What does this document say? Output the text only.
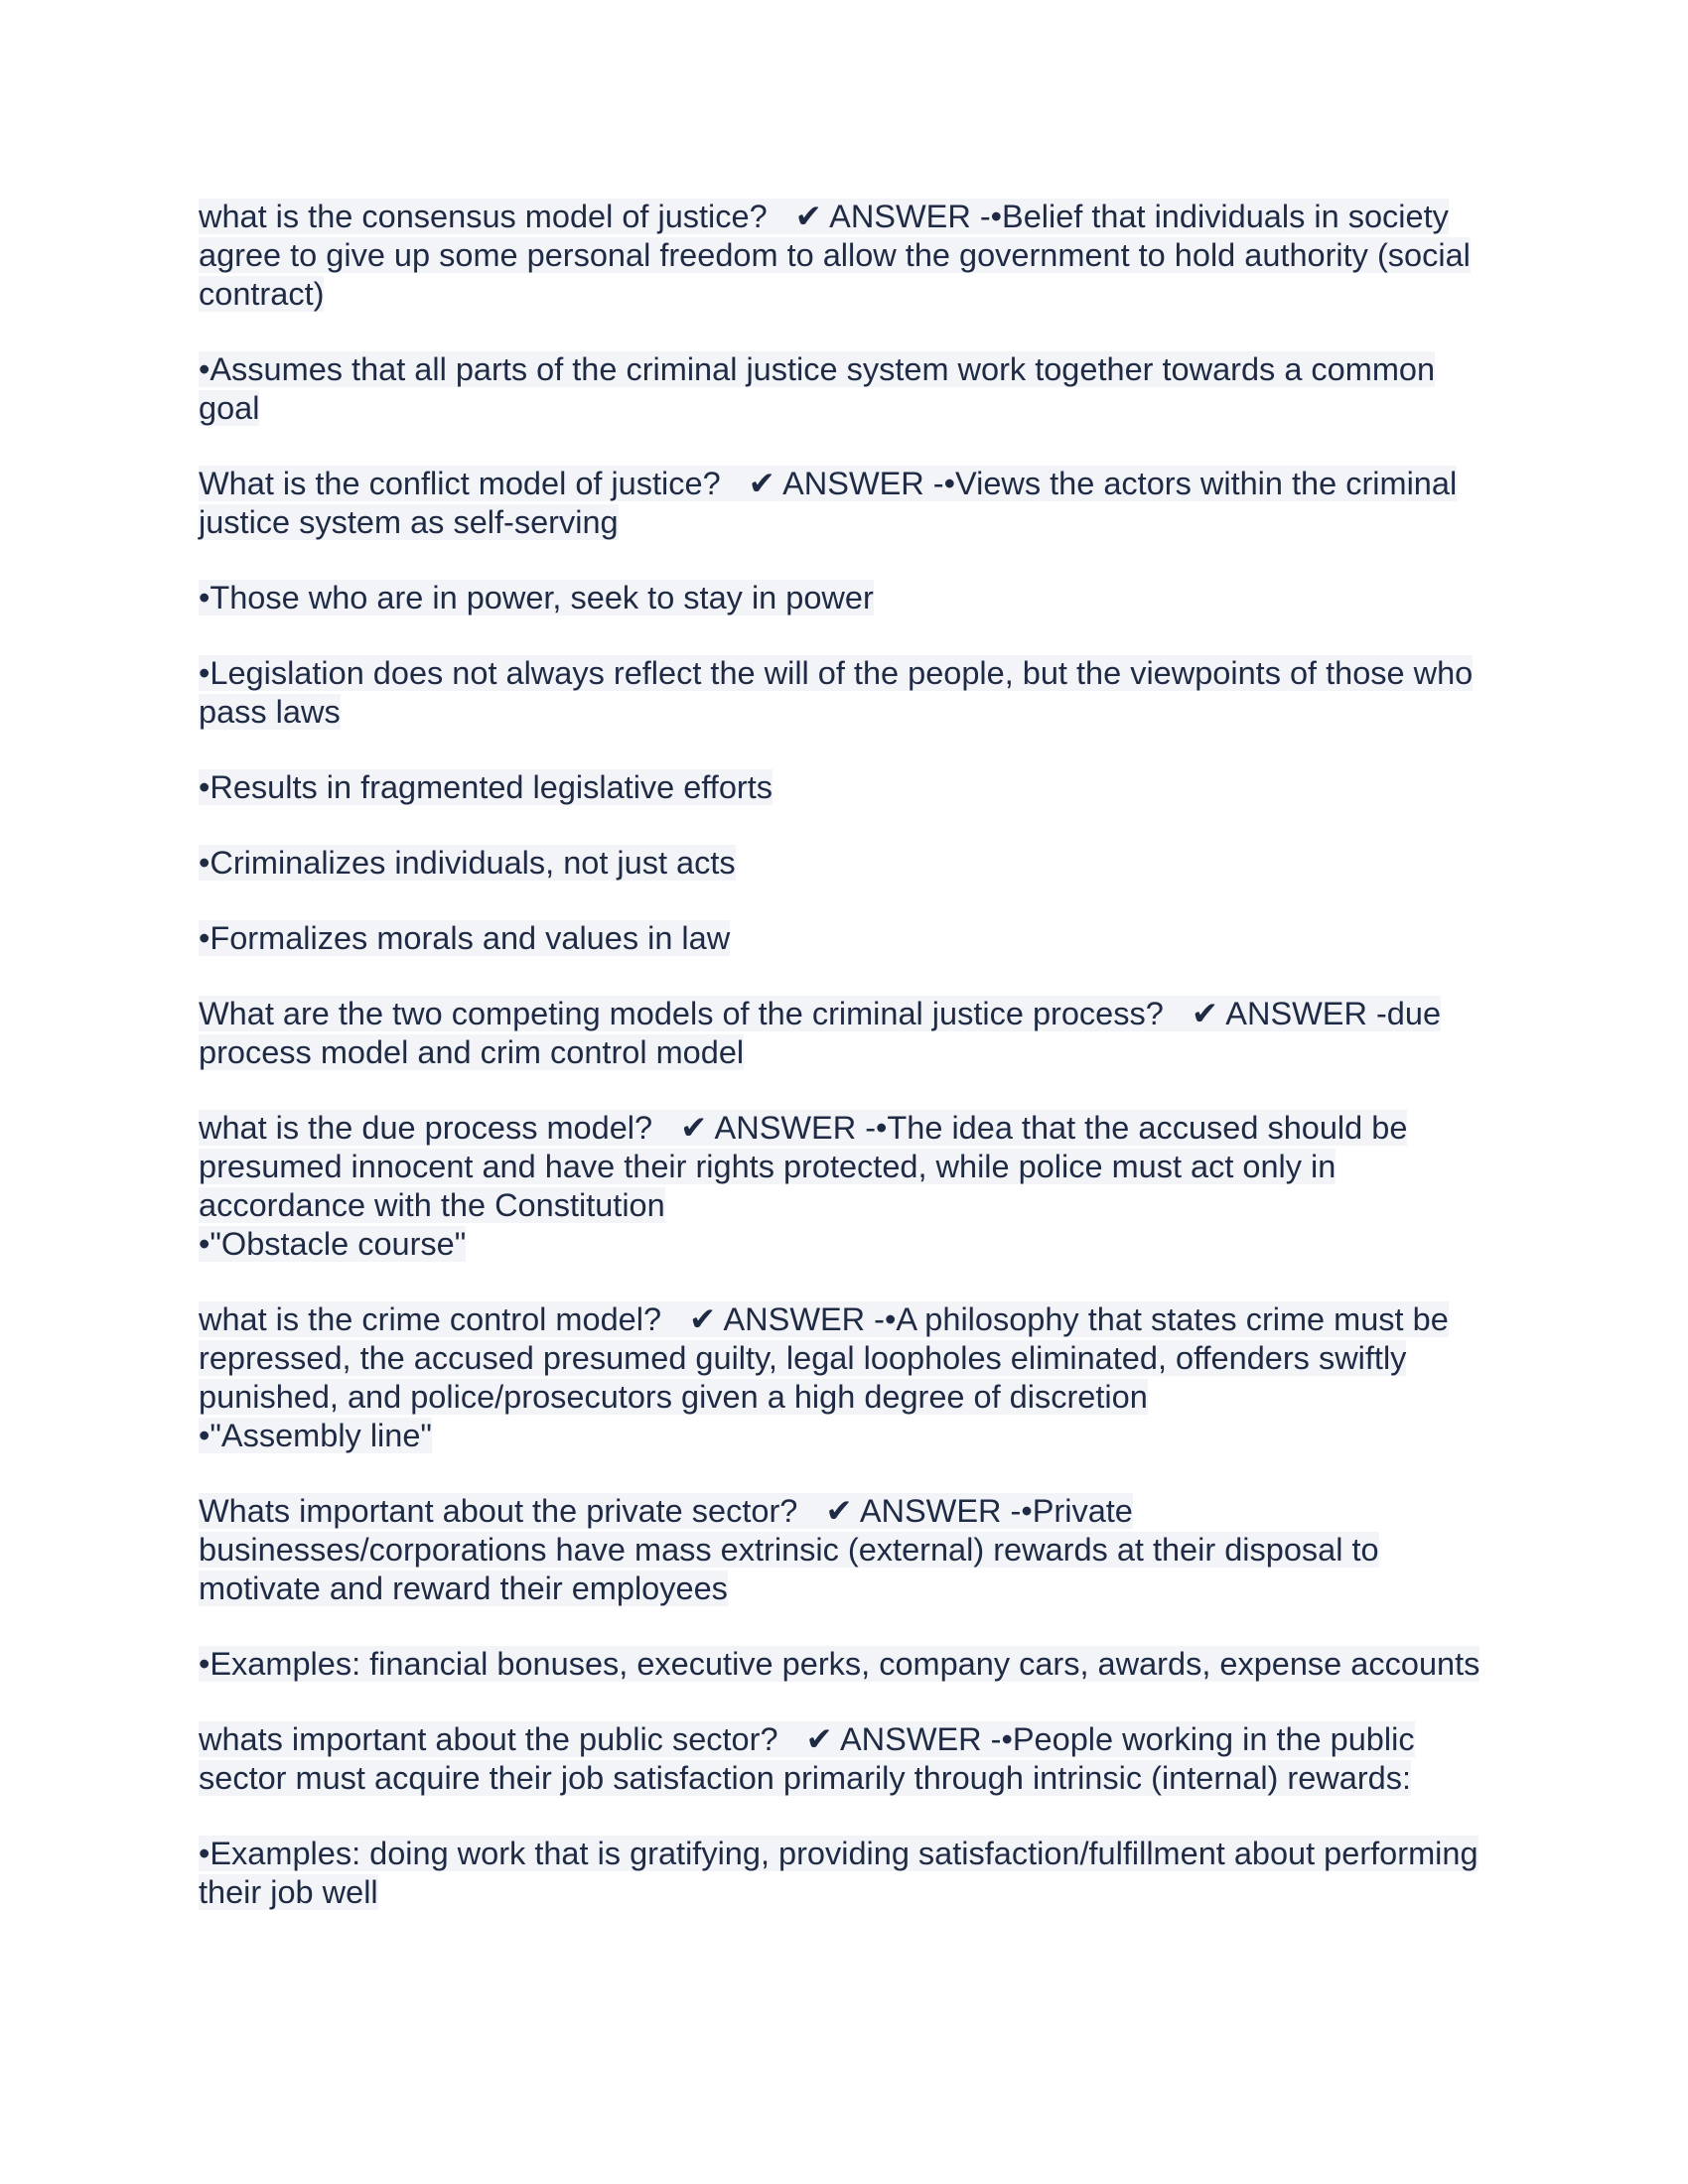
what is the consensus model of justice? ✔ ANSWER -•Belief that individuals in society agree to give up some personal freedom to allow the government to hold authority (social contract)

•Assumes that all parts of the criminal justice system work together towards a common goal

What is the conflict model of justice? ✔ ANSWER -•Views the actors within the criminal justice system as self-serving

•Those who are in power, seek to stay in power

•Legislation does not always reflect the will of the people, but the viewpoints of those who pass laws

•Results in fragmented legislative efforts

•Criminalizes individuals, not just acts

•Formalizes morals and values in law

What are the two competing models of the criminal justice process? ✔ ANSWER -due process model and crim control model

what is the due process model? ✔ ANSWER -•The idea that the accused should be presumed innocent and have their rights protected, while police must act only in accordance with the Constitution
•"Obstacle course"

what is the crime control model? ✔ ANSWER -•A philosophy that states crime must be repressed, the accused presumed guilty, legal loopholes eliminated, offenders swiftly punished, and police/prosecutors given a high degree of discretion
•"Assembly line"

Whats important about the private sector? ✔ ANSWER -•Private businesses/corporations have mass extrinsic (external) rewards at their disposal to motivate and reward their employees

•Examples: financial bonuses, executive perks, company cars, awards, expense accounts

whats important about the public sector? ✔ ANSWER -•People working in the public sector must acquire their job satisfaction primarily through intrinsic (internal) rewards:

•Examples: doing work that is gratifying, providing satisfaction/fulfillment about performing their job well
